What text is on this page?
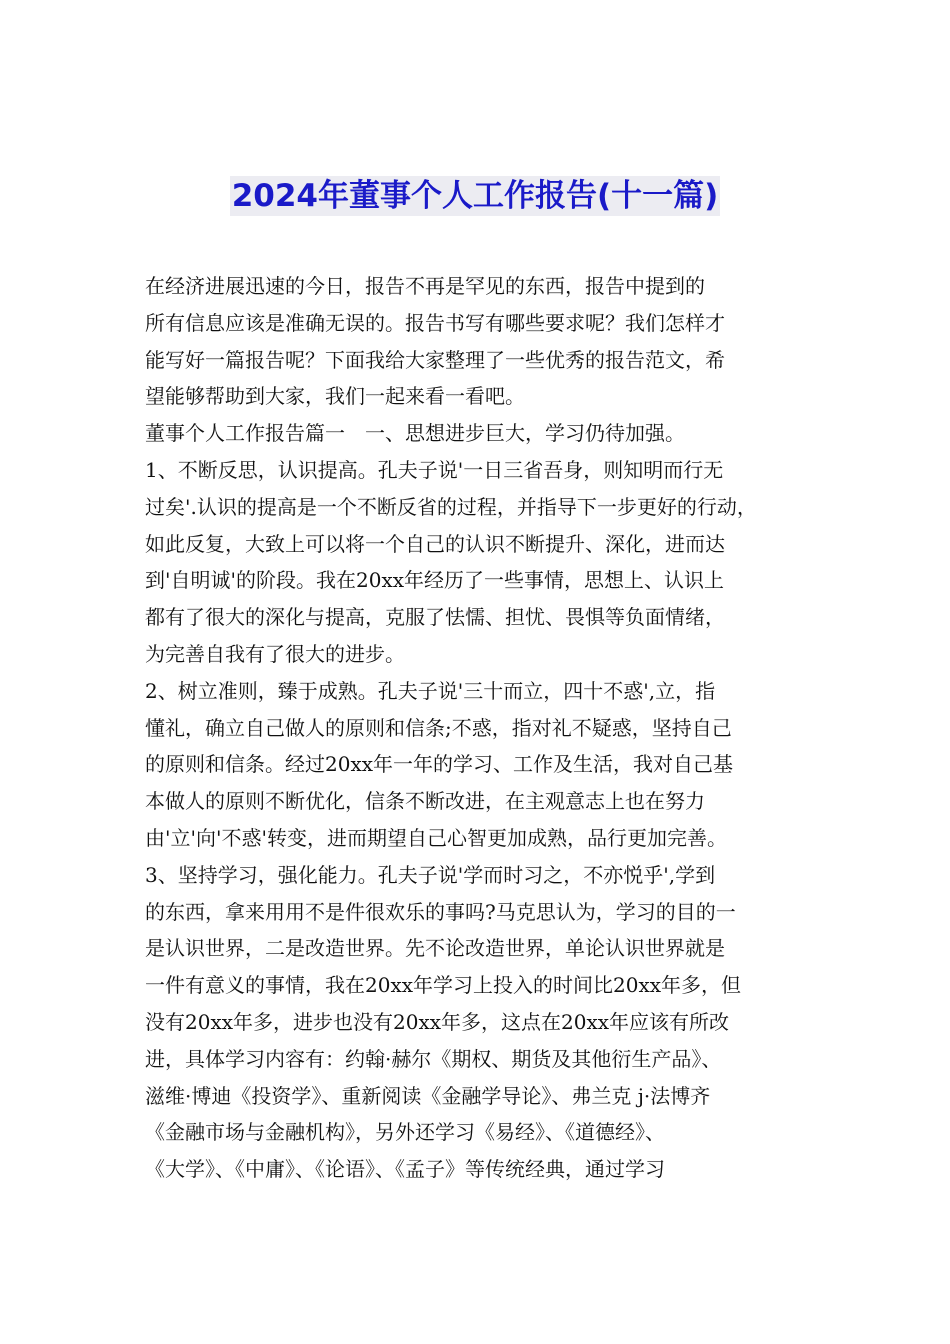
2024年董事个人工作报告(十一篇)
在经济进展迅速的今日，报告不再是罕见的东西，报告中提到的
所有信息应该是准确无误的。报告书写有哪些要求呢？我们怎样才
能写好一篇报告呢？下面我给大家整理了一些优秀的报告范文，希
望能够帮助到大家，我们一起来看一看吧。
董事个人工作报告篇一　一、思想进步巨大，学习仍待加强。
1、不断反思，认识提高。孔夫子说'一日三省吾身，则知明而行无
过矣'.认识的提高是一个不断反省的过程，并指导下一步更好的行动，
如此反复，大致上可以将一个自己的认识不断提升、深化，进而达
到'自明诚'的阶段。我在20xx年经历了一些事情，思想上、认识上
都有了很大的深化与提高，克服了怯懦、担忧、畏惧等负面情绪，
为完善自我有了很大的进步。
2、树立准则，臻于成熟。孔夫子说'三十而立，四十不惑',立，指
懂礼，确立自己做人的原则和信条;不惑，指对礼不疑惑，坚持自己
的原则和信条。经过20xx年一年的学习、工作及生活，我对自己基
本做人的原则不断优化，信条不断改进，在主观意志上也在努力
由'立'向'不惑'转变，进而期望自己心智更加成熟，品行更加完善。
3、坚持学习，强化能力。孔夫子说'学而时习之，不亦悦乎',学到
的东西，拿来用用不是件很欢乐的事吗?马克思认为，学习的目的一
是认识世界，二是改造世界。先不论改造世界，单论认识世界就是
一件有意义的事情，我在20xx年学习上投入的时间比20xx年多，但
没有20xx年多，进步也没有20xx年多，这点在20xx年应该有所改
进，具体学习内容有：约翰·赫尔《期权、期货及其他衍生产品》、
滋维·博迪《投资学》、重新阅读《金融学导论》、弗兰克 j·法博齐
《金融市场与金融机构》，另外还学习《易经》、《道德经》、
《大学》、《中庸》、《论语》、《孟子》等传统经典，通过学习
